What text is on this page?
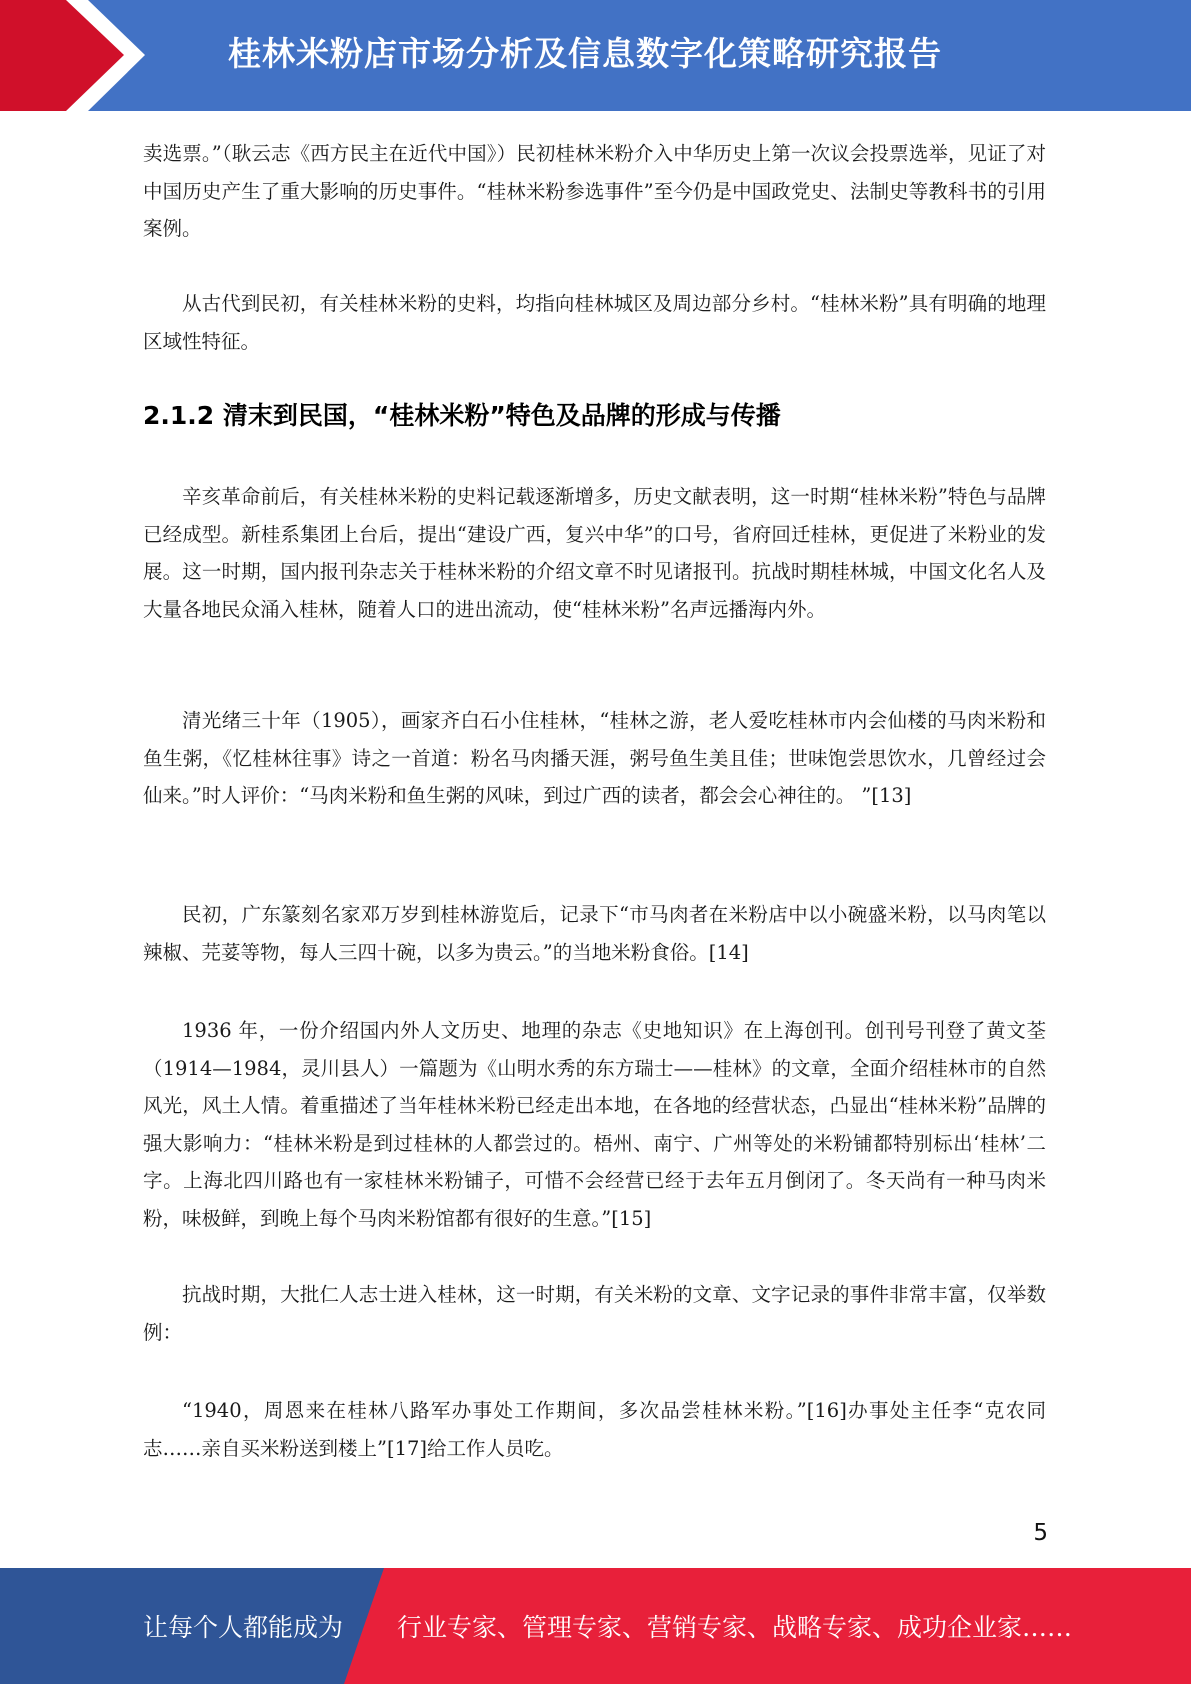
桂林米粉店市场分析及信息数字化策略研究报告

卖选票。”（耿云志《西方民主在近代中国》）民初桂林米粉介入中华历史上第一次议会投票选举，见证了对中国历史产生了重大影响的历史事件。“桂林米粉参选事件”至今仍是中国政党史、法制史等教科书的引用案例。

从古代到民初，有关桂林米粉的史料，均指向桂林城区及周边部分乡村。“桂林米粉”具有明确的地理区域性特征。

2.1.2 清末到民国，“桂林米粉”特色及品牌的形成与传播

辛亥革命前后，有关桂林米粉的史料记载逐渐增多，历史文献表明，这一时期“桂林米粉”特色与品牌已经成型。新桂系集团上台后，提出“建设广西，复兴中华”的口号，省府回迁桂林，更促进了米粉业的发展。这一时期，国内报刊杂志关于桂林米粉的介绍文章不时见诸报刊。抗战时期桂林城，中国文化名人及大量各地民众涌入桂林，随着人口的进出流动，使“桂林米粉”名声远播海内外。

清光绪三十年（1905），画家齐白石小住桂林，“桂林之游，老人爱吃桂林市内会仙楼的马肉米粉和鱼生粥，《忆桂林往事》诗之一首道：粉名马肉播天涯，粥号鱼生美且佳；世味饱尝思饮水，几曾经过会仙来。”时人评价：“马肉米粉和鱼生粥的风味，到过广西的读者，都会会心神往的。 ”[13]

民初，广东篆刻名家邓万岁到桂林游览后，记录下“市马肉者在米粉店中以小碗盛米粉，以马肉笔以辣椒、芫荽等物，每人三四十碗，以多为贵云。”的当地米粉食俗。[14]

1936 年，一份介绍国内外人文历史、地理的杂志《史地知识》在上海创刊。创刊号刊登了黄文荃（1914—1984，灵川县人）一篇题为《山明水秀的东方瑞士——桂林》的文章，全面介绍桂林市的自然风光，风土人情。着重描述了当年桂林米粉已经走出本地，在各地的经营状态，凸显出“桂林米粉”品牌的强大影响力：“桂林米粉是到过桂林的人都尝过的。梧州、南宁、广州等处的米粉铺都特别标出‘桂林’二字。上海北四川路也有一家桂林米粉铺子，可惜不会经营已经于去年五月倒闭了。冬天尚有一种马肉米粉，味极鲜，到晚上每个马肉米粉馆都有很好的生意。”[15]

抗战时期，大批仁人志士进入桂林，这一时期，有关米粉的文章、文字记录的事件非常丰富，仅举数例：

“1940，周恩来在桂林八路军办事处工作期间，多次品尝桂林米粉。”[16]办事处主任李“克农同志……亲自买米粉送到楼上”[17]给工作人员吃。

5
让每个人都能成为 行业专家、管理专家、营销专家、战略专家、成功企业家……
